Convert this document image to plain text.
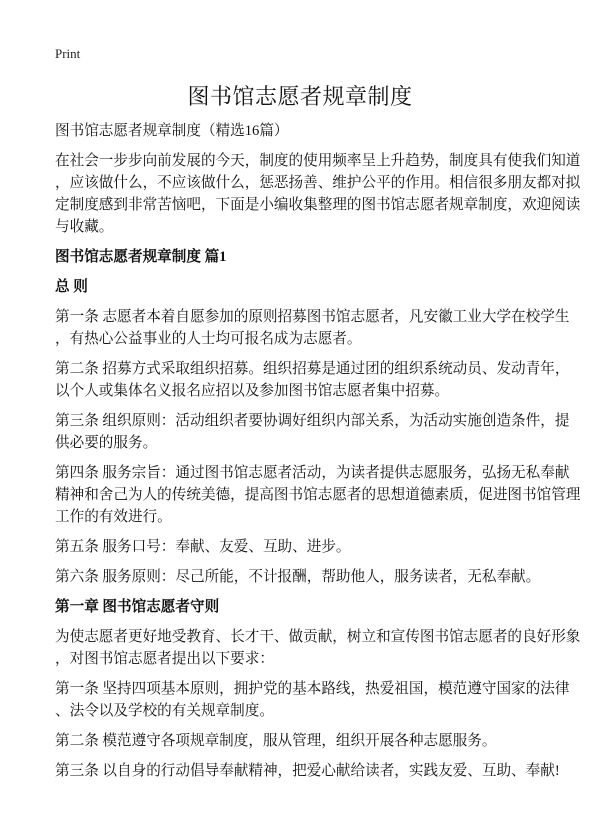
Print
图书馆志愿者规章制度
图书馆志愿者规章制度（精选16篇）
在社会一步步向前发展的今天，制度的使用频率呈上升趋势，制度具有使我们知道
，应该做什么，不应该做什么，惩恶扬善、维护公平的作用。相信很多朋友都对拟
定制度感到非常苦恼吧，下面是小编收集整理的图书馆志愿者规章制度，欢迎阅读
与收藏。
图书馆志愿者规章制度 篇1
总 则
第一条 志愿者本着自愿参加的原则招募图书馆志愿者，凡安徽工业大学在校学生
，有热心公益事业的人士均可报名成为志愿者。
第二条 招募方式采取组织招募。组织招募是通过团的组织系统动员、发动青年，
以个人或集体名义报名应招以及参加图书馆志愿者集中招募。
第三条 组织原则：活动组织者要协调好组织内部关系，为活动实施创造条件，提
供必要的服务。
第四条 服务宗旨：通过图书馆志愿者活动，为读者提供志愿服务，弘扬无私奉献
精神和舍己为人的传统美德，提高图书馆志愿者的思想道德素质，促进图书馆管理
工作的有效进行。
第五条 服务口号：奉献、友爱、互助、进步。
第六条 服务原则：尽己所能，不计报酬，帮助他人，服务读者，无私奉献。
第一章 图书馆志愿者守则
为使志愿者更好地受教育、长才干、做贡献，树立和宣传图书馆志愿者的良好形象
，对图书馆志愿者提出以下要求：
第一条 坚持四项基本原则，拥护党的基本路线，热爱祖国，模范遵守国家的法律
、法令以及学校的有关规章制度。
第二条 模范遵守各项规章制度，服从管理，组织开展各种志愿服务。
第三条 以自身的行动倡导奉献精神，把爱心献给读者，实践友爱、互助、奉献!
